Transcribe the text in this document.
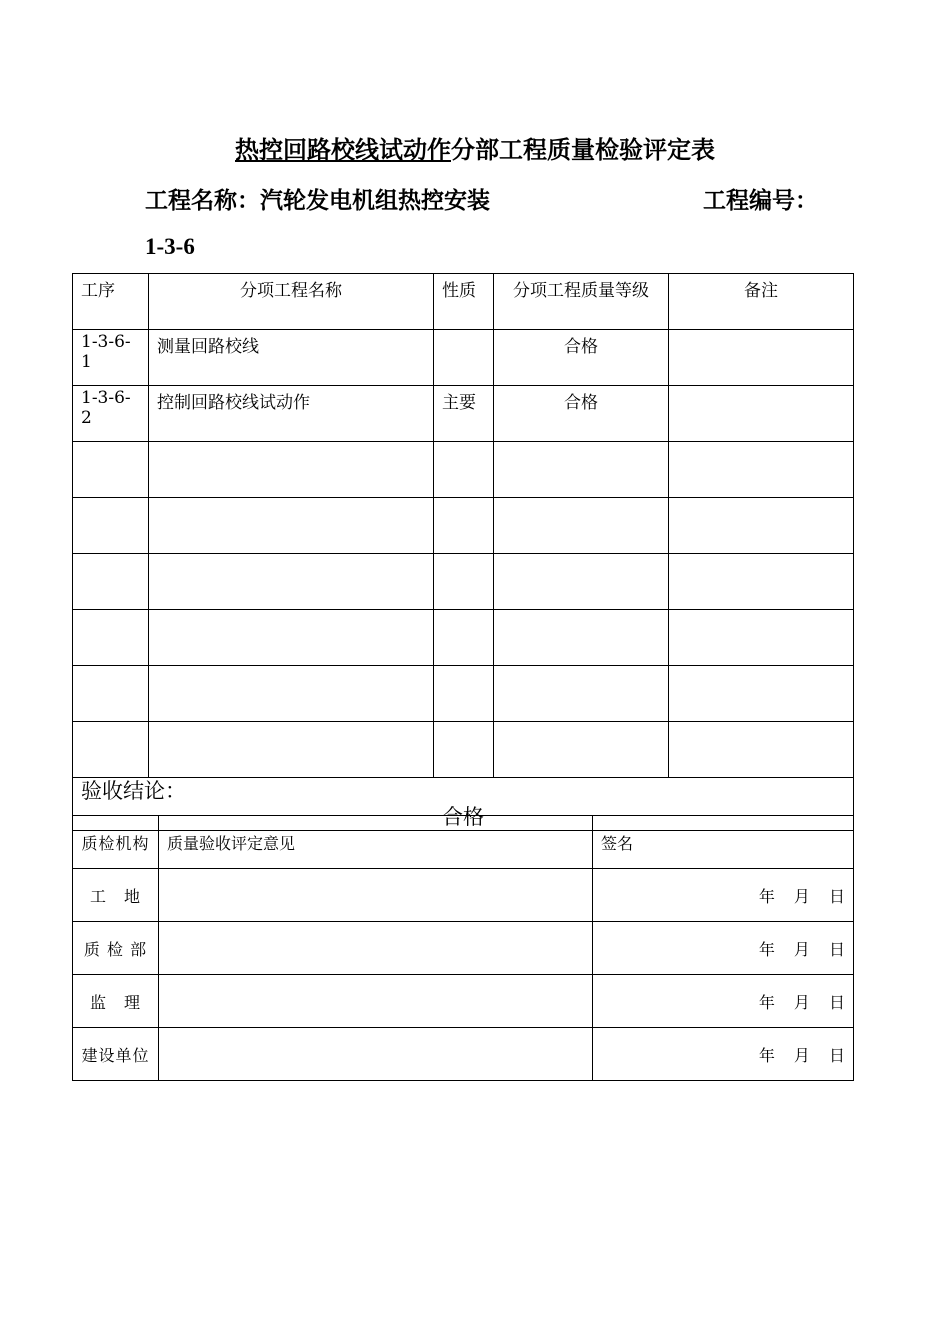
热控回路校线试动作分部工程质量检验评定表
工程名称：汽轮发电机组热控安装	工程编号：
1-3-6
工序	分项工程名称	性质	分项工程质量等级	备注
1-3-6-1	测量回路校线		合格	
1-3-6-2	控制回路校线试动作	主要	合格	

验收结论：
合格				
质检机构	质量验收评定意见	签名
工　地		年 月 日
质 检 部		年 月 日
监　理		年 月 日
建设单位		年 月 日
